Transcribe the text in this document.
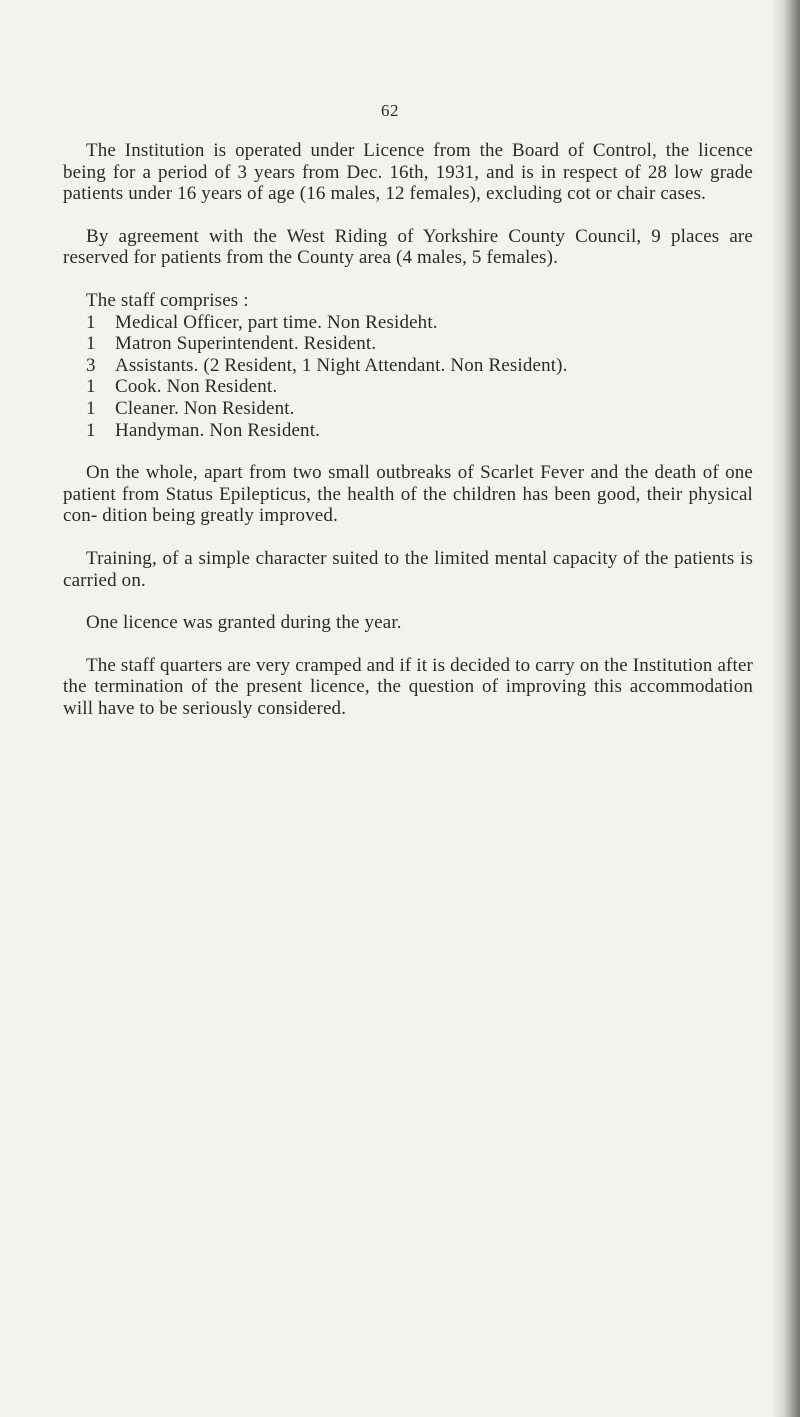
62

The Institution is operated under Licence from the Board of Control, the licence being for a period of 3 years from Dec. 16th, 1931, and is in respect of 28 low grade patients under 16 years of age (16 males, 12 females), excluding cot or chair cases.

By agreement with the West Riding of Yorkshire County Council, 9 places are reserved for patients from the County area (4 males, 5 females).

The staff comprises :

1	Medical Officer, part time. Non Resideht.
1	Matron Superintendent. Resident.
3	Assistants. (2 Resident, 1 Night Attendant. Non Resident).
1	Cook. Non Resident.
1	Cleaner. Non Resident.
1	Handyman. Non Resident.

On the whole, apart from two small outbreaks of Scarlet Fever and the death of one patient from Status Epilepticus, the health of the children has been good, their physical con- dition being greatly improved.

Training, of a simple character suited to the limited mental capacity of the patients is carried on.

One licence was granted during the year.

The staff quarters are very cramped and if it is decided to carry on the Institution after the termination of the present licence, the question of improving this accommodation will have to be seriously considered.
